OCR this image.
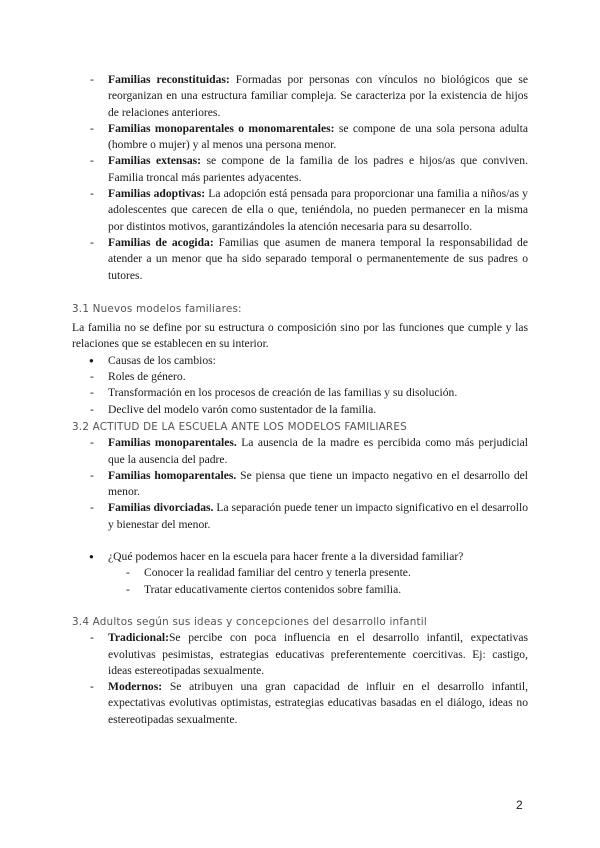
- Familias reconstituidas: Formadas por personas con vínculos no biológicos que se reorganizan en una estructura familiar compleja. Se caracteriza por la existencia de hijos de relaciones anteriores.
- Familias monoparentales o monomarentales: se compone de una sola persona adulta (hombre o mujer) y al menos una persona menor.
- Familias extensas: se compone de la familia de los padres e hijos/as que conviven. Familia troncal más parientes adyacentes.
- Familias adoptivas: La adopción está pensada para proporcionar una familia a niños/as y adolescentes que carecen de ella o que, teniéndola, no pueden permanecer en la misma por distintos motivos, garantizándoles la atención necesaria para su desarrollo.
- Familias de acogida: Familias que asumen de manera temporal la responsabilidad de atender a un menor que ha sido separado temporal o permanentemente de sus padres o tutores.
3.1 Nuevos modelos familiares:

La familia no se define por su estructura o composición sino por las funciones que cumple y las relaciones que se establecen en su interior.

● Causas de los cambios:
- Roles de género.
- Transformación en los procesos de creación de las familias y su disolución.
- Declive del modelo varón como sustentador de la familia.
3.2 ACTITUD DE LA ESCUELA ANTE LOS MODELOS FAMILIARES
- Familias monoparentales. La ausencia de la madre es percibida como más perjudicial que la ausencia del padre.
- Familias homoparentales. Se piensa que tiene un impacto negativo en el desarrollo del menor.
- Familias divorciadas. La separación puede tener un impacto significativo en el desarrollo y bienestar del menor.
● ¿Qué podemos hacer en la escuela para hacer frente a la diversidad familiar?
- Conocer la realidad familiar del centro y tenerla presente.
- Tratar educativamente ciertos contenidos sobre familia.
3.4 Adultos según sus ideas y concepciones del desarrollo infantil
- Tradicional:Se percibe con poca influencia en el desarrollo infantil, expectativas evolutivas pesimistas, estrategias educativas preferentemente coercitivas. Ej: castigo, ideas estereotipadas sexualmente.
- Modernos: Se atribuyen una gran capacidad de influir en el desarrollo infantil, expectativas evolutivas optimistas, estrategias educativas basadas en el diálogo, ideas no estereotipadas sexualmente.
2
